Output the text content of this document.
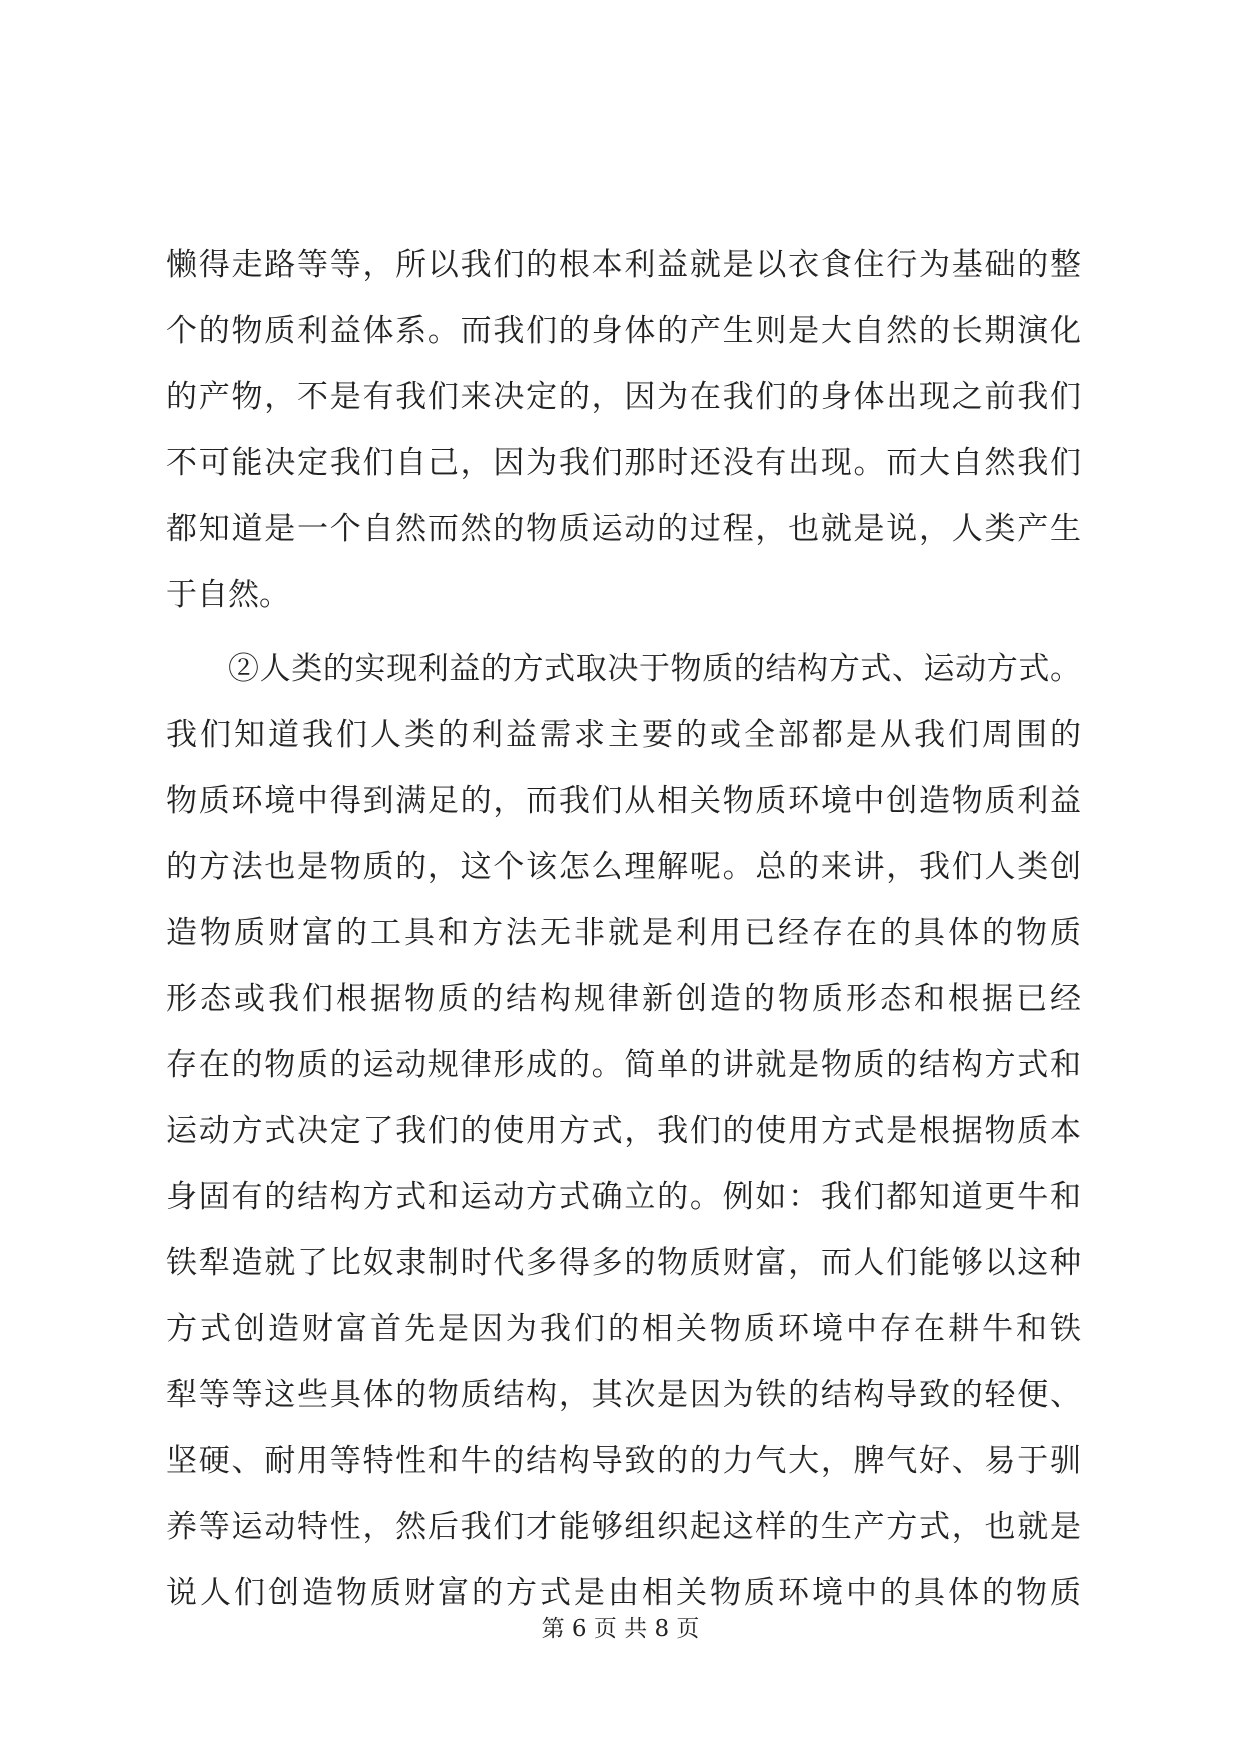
懒得走路等等，所以我们的根本利益就是以衣食住行为基础的整
个的物质利益体系。而我们的身体的产生则是大自然的长期演化
的产物，不是有我们来决定的，因为在我们的身体出现之前我们
不可能决定我们自己，因为我们那时还没有出现。而大自然我们
都知道是一个自然而然的物质运动的过程，也就是说，人类产生
于自然。
②人类的实现利益的方式取决于物质的结构方式、运动方式。
我们知道我们人类的利益需求主要的或全部都是从我们周围的
物质环境中得到满足的，而我们从相关物质环境中创造物质利益
的方法也是物质的，这个该怎么理解呢。总的来讲，我们人类创
造物质财富的工具和方法无非就是利用已经存在的具体的物质
形态或我们根据物质的结构规律新创造的物质形态和根据已经
存在的物质的运动规律形成的。简单的讲就是物质的结构方式和
运动方式决定了我们的使用方式，我们的使用方式是根据物质本
身固有的结构方式和运动方式确立的。例如：我们都知道更牛和
铁犁造就了比奴隶制时代多得多的物质财富，而人们能够以这种
方式创造财富首先是因为我们的相关物质环境中存在耕牛和铁
犁等等这些具体的物质结构，其次是因为铁的结构导致的轻便、
坚硬、耐用等特性和牛的结构导致的的力气大，脾气好、易于驯
养等运动特性，然后我们才能够组织起这样的生产方式，也就是
说人们创造物质财富的方式是由相关物质环境中的具体的物质
第 6 页 共 8 页
